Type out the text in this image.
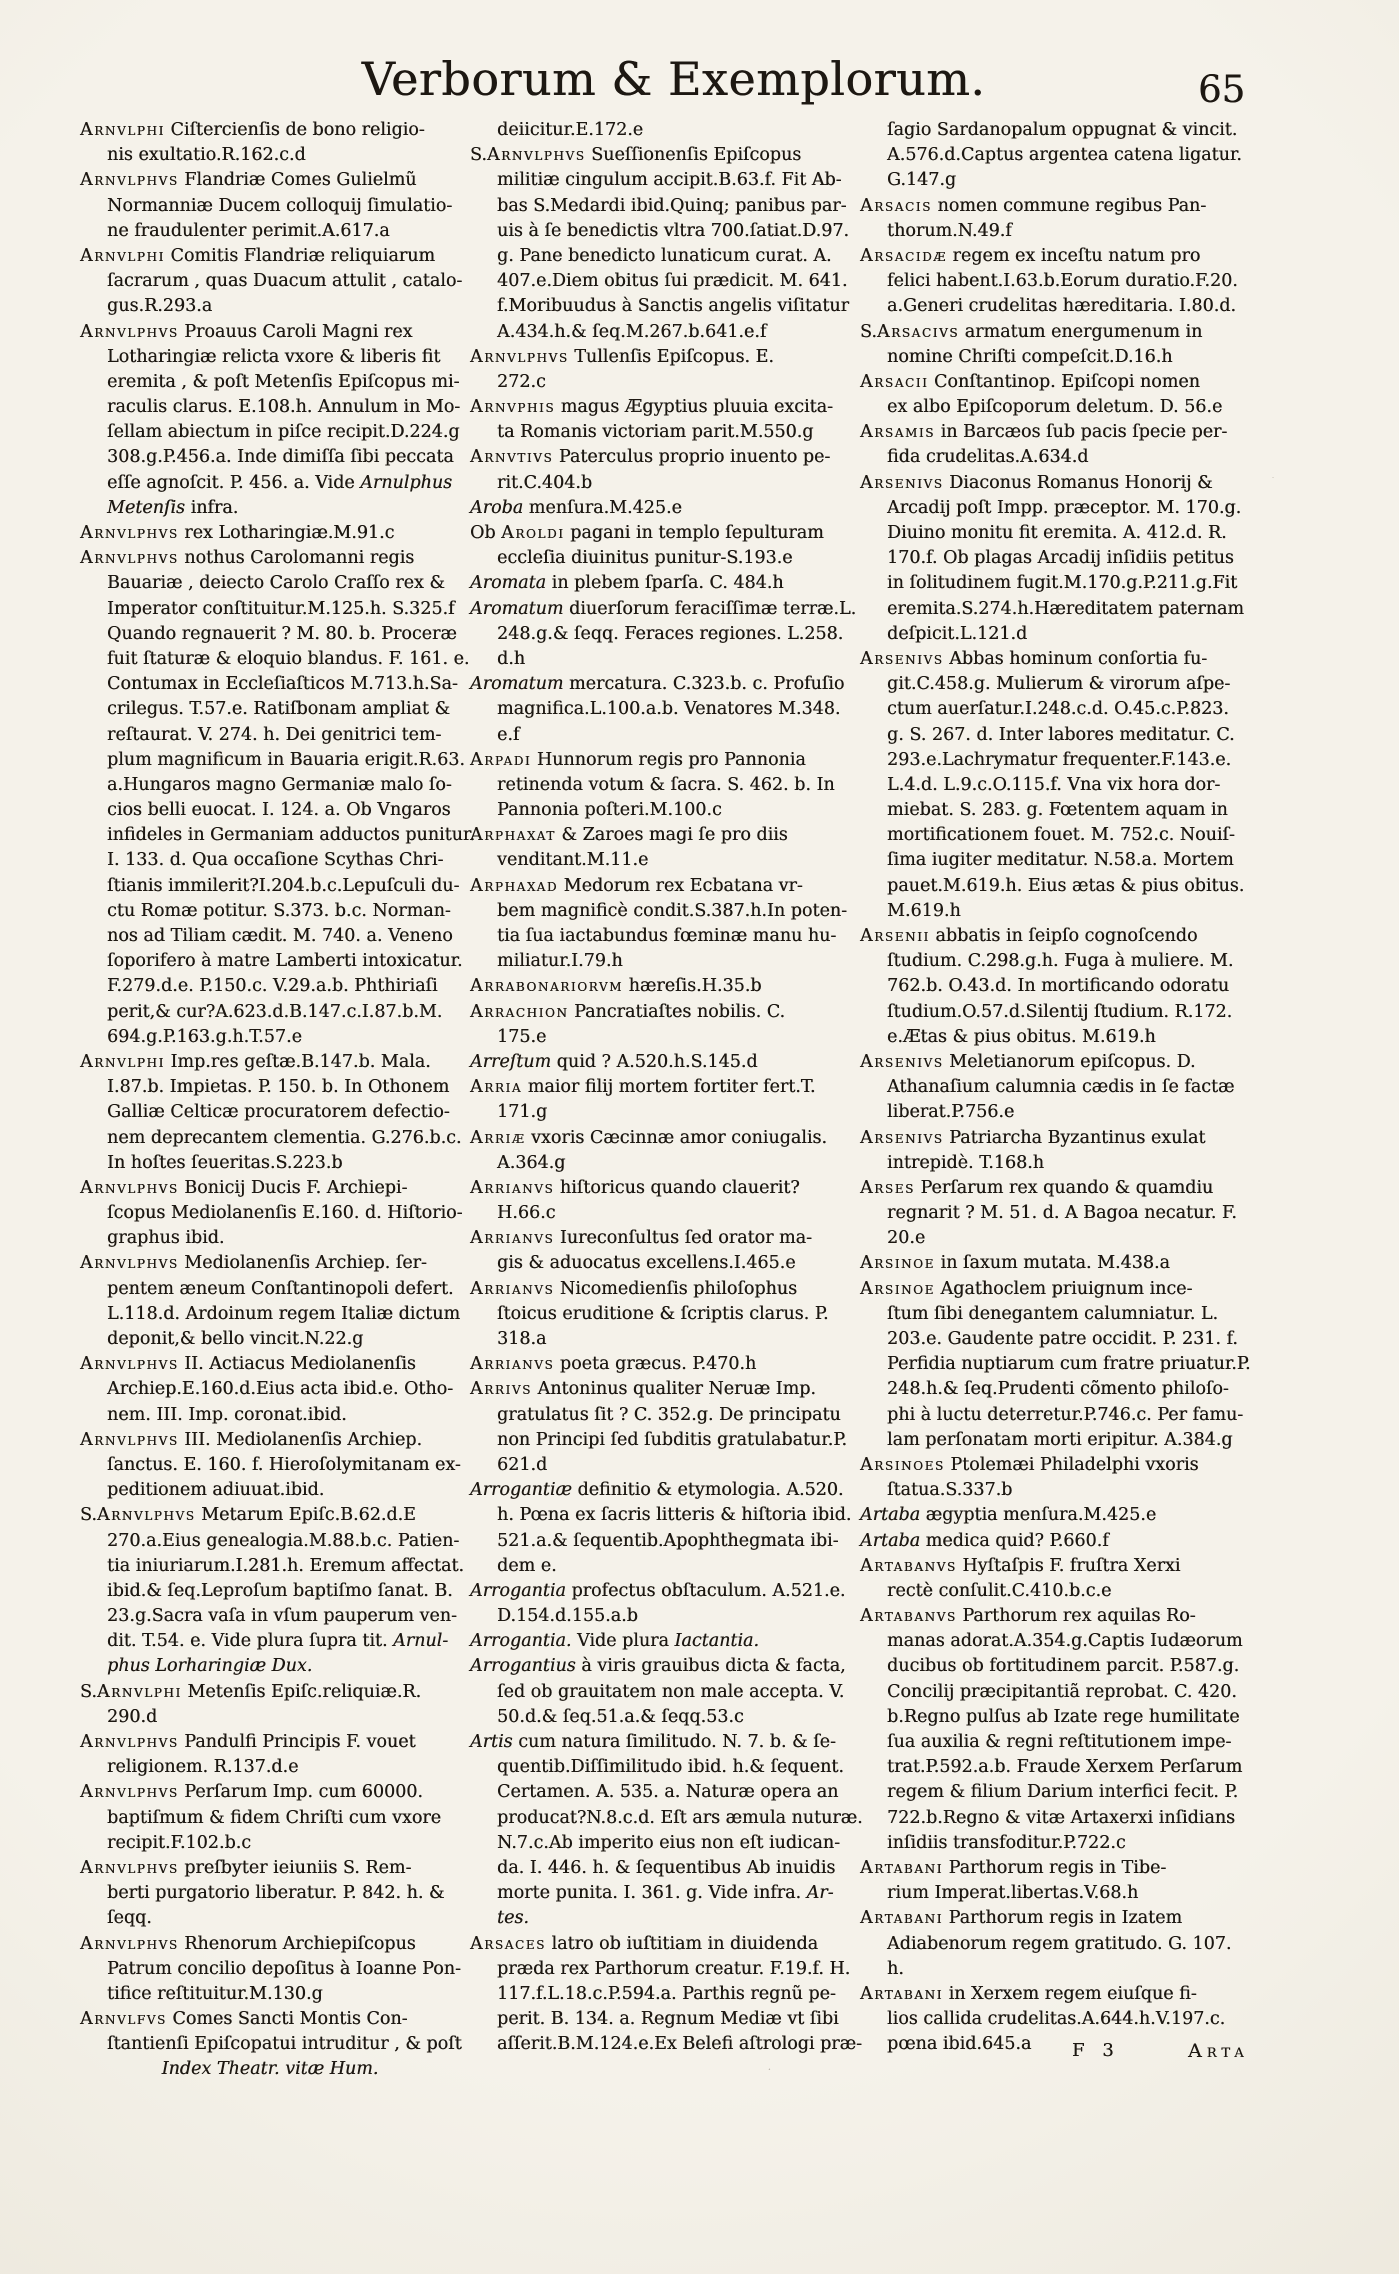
Verborum & Exemplorum.	65
Arnvlphi Ciſtercienſis de bono religio-
nis exultatio.R.162.c.d
Arnvlphvs Flandriæ Comes Gulielmũ
Normanniæ Ducem colloquij ſimulatio-
ne fraudulenter perimit.A.617.a
Arnvlphi Comitis Flandriæ reliquiarum
ſacrarum , quas Duacum attulit , catalo-
gus.R.293.a
Arnvlphvs Proauus Caroli Magni rex
Lotharingiæ relicta vxore & liberis fit
eremita , & poſt Metenſis Epiſcopus mi-
raculis clarus. E.108.h. Annulum in Mo-
ſellam abiectum in piſce recipit.D.224.g
308.g.P.456.a. Inde dimiſſa ſibi peccata
eſſe agnoſcit. P. 456. a. Vide Arnulphus
Metenſis infra.
Arnvlphvs rex Lotharingiæ.M.91.c
Arnvlphvs nothus Carolomanni regis
Bauariæ , deiecto Carolo Craſſo rex &
Imperator conſtituitur.M.125.h. S.325.f
Quando regnauerit ? M. 80. b. Proceræ
fuit ſtaturæ & eloquio blandus. F. 161. e.
Contumax in Eccleſiaſticos M.713.h.Sa-
crilegus. T.57.e. Ratiſbonam ampliat &
reſtaurat. V. 274. h. Dei genitrici tem-
plum magnificum in Bauaria erigit.R.63.
a.Hungaros magno Germaniæ malo ſo-
cios belli euocat. I. 124. a. Ob Vngaros
infideles in Germaniam adductos punitur.
I. 133. d. Qua occaſione Scythas Chri-
ſtianis immilerit?I.204.b.c.Lepuſculi du-
ctu Romæ potitur. S.373. b.c. Norman-
nos ad Tiliam cædit. M. 740. a. Veneno
ſoporifero à matre Lamberti intoxicatur.
F.279.d.e. P.150.c. V.29.a.b. Phthiriaſi
perit,& cur?A.623.d.B.147.c.I.87.b.M.
694.g.P.163.g.h.T.57.e
Arnvlphi Imp.res geſtæ.B.147.b. Mala.
I.87.b. Impietas. P. 150. b. In Othonem
Galliæ Celticæ procuratorem defectio-
nem deprecantem clementia. G.276.b.c.
In hoſtes ſeueritas.S.223.b
Arnvlphvs Bonicij Ducis F. Archiepi-
ſcopus Mediolanenſis E.160. d. Hiſtorio-
graphus ibid.
Arnvlphvs Mediolanenſis Archiep. ſer-
pentem æneum Conſtantinopoli defert.
L.118.d. Ardoinum regem Italiæ dictum
deponit,& bello vincit.N.22.g
Arnvlphvs II. Actiacus Mediolanenſis
Archiep.E.160.d.Eius acta ibid.e. Otho-
nem. III. Imp. coronat.ibid.
Arnvlphvs III. Mediolanenſis Archiep.
ſanctus. E. 160. f. Hieroſolymitanam ex-
peditionem adiuuat.ibid.
S.Arnvlphvs Metarum Epiſc.B.62.d.E
270.a.Eius genealogia.M.88.b.c. Patien-
tia iniuriarum.I.281.h. Eremum affectat.
ibid.& ſeq.Leproſum baptiſmo ſanat. B.
23.g.Sacra vaſa in vſum pauperum ven-
dit. T.54. e. Vide plura ſupra tit. Arnul-
phus Lorharingiæ Dux.
S.Arnvlphi Metenſis Epiſc.reliquiæ.R.
290.d
Arnvlphvs Pandulfi Principis F. vouet
religionem. R.137.d.e
Arnvlphvs Perſarum Imp. cum 60000.
baptiſmum & fidem Chriſti cum vxore
recipit.F.102.b.c
Arnvlphvs preſbyter ieiuniis S. Rem-
berti purgatorio liberatur. P. 842. h. &
ſeqq.
Arnvlphvs Rhenorum Archiepiſcopus
Patrum concilio depoſitus à Ioanne Pon-
tifice reſtituitur.M.130.g
Arnvlfvs Comes Sancti Montis Con-
ſtantienſi Epiſcopatui intruditur , & poſt
Index Theatr. vitæ Hum.
deiicitur.E.172.e
S.Arnvlphvs Sueſſionenſis Epiſcopus
militiæ cingulum accipit.B.63.f. Fit Ab-
bas S.Medardi ibid.Quinq; panibus par-
uis à ſe benedictis vltra 700.ſatiat.D.97.
g. Pane benedicto lunaticum curat. A.
407.e.Diem obitus ſui prædicit. M. 641.
f.Moribuudus à Sanctis angelis viſitatur
A.434.h.& ſeq.M.267.b.641.e.f
Arnvlphvs Tullenſis Epiſcopus. E.
272.c
Arnvphis magus Ægyptius pluuia excita-
ta Romanis victoriam parit.M.550.g
Arnvtivs Paterculus proprio inuento pe-
rit.C.404.b
Aroba menſura.M.425.e
Ob Aroldi pagani in templo ſepulturam
eccleſia diuinitus punitur-S.193.e
Aromata in plebem ſparſa. C. 484.h
Aromatum diuerſorum feraciſſimæ terræ.L.
248.g.& ſeqq. Feraces regiones. L.258.
d.h
Aromatum mercatura. C.323.b. c. Profuſio
magnifica.L.100.a.b. Venatores M.348.
e.f
Arpadi Hunnorum regis pro Pannonia
retinenda votum & ſacra. S. 462. b. In
Pannonia poſteri.M.100.c
Arphaxat & Zaroes magi ſe pro diis
venditant.M.11.e
Arphaxad Medorum rex Ecbatana vr-
bem magnificè condit.S.387.h.In poten-
tia ſua iactabundus fœminæ manu hu-
miliatur.I.79.h
Arrabonariorvm hæreſis.H.35.b
Arrachion Pancratiaſtes nobilis. C.
175.e
Arreſtum quid ? A.520.h.S.145.d
Arria maior filij mortem fortiter fert.T.
171.g
Arriæ vxoris Cæcinnæ amor coniugalis.
A.364.g
Arrianvs hiſtoricus quando clauerit?
H.66.c
Arrianvs Iureconſultus ſed orator ma-
gis & aduocatus excellens.I.465.e
Arrianvs Nicomedienſis philoſophus
ſtoicus eruditione & ſcriptis clarus. P.
318.a
Arrianvs poeta græcus. P.470.h
Arrivs Antoninus qualiter Neruæ Imp.
gratulatus ſit ? C. 352.g. De principatu
non Principi ſed ſubditis gratulabatur.P.
621.d
Arrogantiæ definitio & etymologia. A.520.
h. Pœna ex ſacris litteris & hiſtoria ibid.
521.a.& ſequentib.Apophthegmata ibi-
dem e.
Arrogantia profectus obſtaculum. A.521.e.
D.154.d.155.a.b
Arrogantia. Vide plura Iactantia.
Arrogantius à viris grauibus dicta & facta,
ſed ob grauitatem non male accepta. V.
50.d.& ſeq.51.a.& ſeqq.53.c
Artis cum natura ſimilitudo. N. 7. b. & ſe-
quentib.Diſſimilitudo ibid. h.& ſequent.
Certamen. A. 535. a. Naturæ opera an
producat?N.8.c.d. Eſt ars æmula nuturæ.
N.7.c.Ab imperito eius non eſt iudican-
da. I. 446. h. & ſequentibus Ab inuidis
morte punita. I. 361. g. Vide infra. Ar-
tes.
Arsaces latro ob iuſtitiam in diuidenda
præda rex Parthorum creatur. F.19.f. H.
117.f.L.18.c.P.594.a. Parthis regnũ pe-
perit. B. 134. a. Regnum Mediæ vt ſibi
aſſerit.B.M.124.e.Ex Belefi aſtrologi præ-
ſagio Sardanopalum oppugnat & vincit.
A.576.d.Captus argentea catena ligatur.
G.147.g
Arsacis nomen commune regibus Pan-
thorum.N.49.f
Arsacidæ regem ex inceſtu natum pro
felici habent.I.63.b.Eorum duratio.F.20.
a.Generi crudelitas hæreditaria. I.80.d.
S.Arsacivs armatum energumenum in
nomine Chriſti compeſcit.D.16.h
Arsacii Conſtantinop. Epiſcopi nomen
ex albo Epiſcoporum deletum. D. 56.e
Arsamis in Barcæos ſub pacis ſpecie per-
fida crudelitas.A.634.d
Arsenivs Diaconus Romanus Honorij &
Arcadij poſt Impp. præceptor. M. 170.g.
Diuino monitu fit eremita. A. 412.d. R.
170.f. Ob plagas Arcadij inſidiis petitus
in ſolitudinem fugit.M.170.g.P.211.g.Fit
eremita.S.274.h.Hæreditatem paternam
deſpicit.L.121.d
Arsenivs Abbas hominum conſortia fu-
git.C.458.g. Mulierum & virorum aſpe-
ctum auerſatur.I.248.c.d. O.45.c.P.823.
g. S. 267. d. Inter labores meditatur. C.
293.e.Lachrymatur frequenter.F.143.e.
L.4.d. L.9.c.O.115.f. Vna vix hora dor-
miebat. S. 283. g. Fœtentem aquam in
mortificationem fouet. M. 752.c. Nouiſ-
ſima iugiter meditatur. N.58.a. Mortem
pauet.M.619.h. Eius ætas & pius obitus.
M.619.h
Arsenii abbatis in ſeipſo cognoſcendo
ſtudium. C.298.g.h. Fuga à muliere. M.
762.b. O.43.d. In mortificando odoratu
ſtudium.O.57.d.Silentij ſtudium. R.172.
e.Ætas & pius obitus. M.619.h
Arsenivs Meletianorum epiſcopus. D.
Athanaſium calumnia cædis in ſe factæ
liberat.P.756.e
Arsenivs Patriarcha Byzantinus exulat
intrepidè. T.168.h
Arses Perſarum rex quando & quamdiu
regnarit ? M. 51. d. A Bagoa necatur. F.
20.e
Arsinoe in ſaxum mutata. M.438.a
Arsinoe Agathoclem priuignum ince-
ſtum ſibi denegantem calumniatur. L.
203.e. Gaudente patre occidit. P. 231. f.
Perfidia nuptiarum cum fratre priuatur.P.
248.h.& ſeq.Prudenti cõmento philoſo-
phi à luctu deterretur.P.746.c. Per famu-
lam perſonatam morti eripitur. A.384.g
Arsinoes Ptolemæi Philadelphi vxoris
ſtatua.S.337.b
Artaba ægyptia menſura.M.425.e
Artaba medica quid? P.660.f
Artabanvs Hyſtaſpis F. fruſtra Xerxi
rectè conſulit.C.410.b.c.e
Artabanvs Parthorum rex aquilas Ro-
manas adorat.A.354.g.Captis Iudæorum
ducibus ob fortitudinem parcit. P.587.g.
Concilij præcipitantiã reprobat. C. 420.
b.Regno pulſus ab Izate rege humilitate
ſua auxilia & regni reſtitutionem impe-
trat.P.592.a.b. Fraude Xerxem Perſarum
regem & filium Darium interfici fecit. P.
722.b.Regno & vitæ Artaxerxi inſidians
inſidiis transfoditur.P.722.c
Artabani Parthorum regis in Tibe-
rium Imperat.libertas.V.68.h
Artabani Parthorum regis in Izatem
Adiabenorum regem gratitudo. G. 107.
h.
Artabani in Xerxem regem eiuſque fi-
lios callida crudelitas.A.644.h.V.197.c.
pœna ibid.645.a	F 3	Arta
